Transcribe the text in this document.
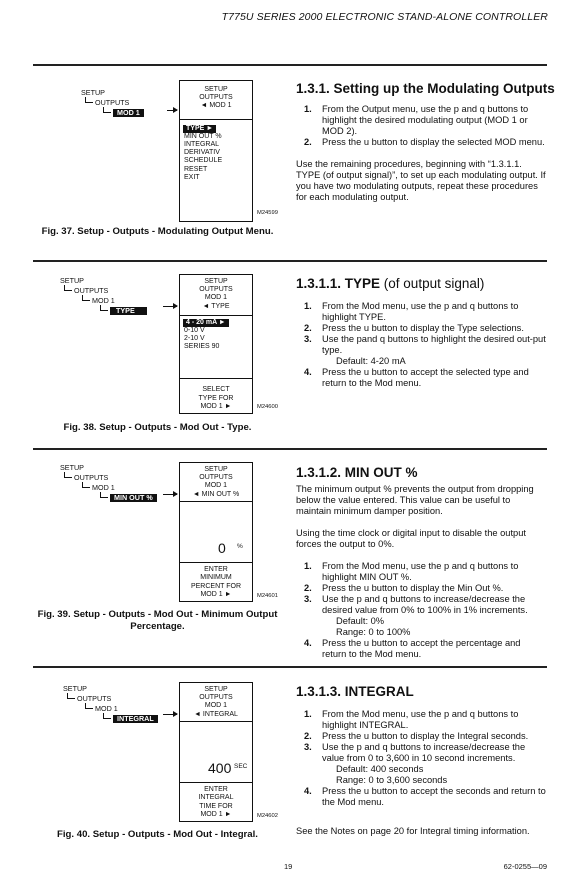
T775U SERIES 2000 ELECTRONIC STAND-ALONE CONTROLLER
SETUP
OUTPUTS
MOD 1
SETUP
OUTPUTS
◄ MOD 1
TYPE ►
MIN OUT %
INTEGRAL
DERIVATIV
SCHEDULE
RESET
EXIT
M24599
Fig. 37. Setup - Outputs - Modulating Output Menu.
1.3.1. Setting up the Modulating Outputs
1. From the Output menu, use the p and q buttons to highlight the desired modulating output (MOD 1 or MOD 2).
2. Press the u button to display the selected MOD menu.
Use the remaining procedures, beginning with “1.3.1.1. TYPE (of output signal)”, to set up each modulating output. If you have two modulating outputs, repeat these procedures for each modulating output.
SETUP
OUTPUTS
MOD 1
TYPE
SETUP
OUTPUTS
MOD 1
◄ TYPE
4 - 20 mA ►
0-10 V
2-10 V
SERIES 90
SELECT
TYPE FOR
MOD 1 ►	M24600
Fig. 38. Setup - Outputs - Mod Out - Type.
1.3.1.1. TYPE (of output signal)
1. From the Mod menu, use the p and q buttons to highlight TYPE.
2. Press the u button to display the Type selections.
3. Use the pand q buttons to highlight the desired out-put type.
Default: 4-20 mA
4. Press the u button to accept the selected type and return to the Mod menu.
SETUP
OUTPUTS
MOD 1
MIN OUT %
SETUP
OUTPUTS
MOD 1
◄ MIN OUT %
ENTER
MINIMUM
PERCENT FOR
MOD 1 ►
0 %
M24601
Fig. 39. Setup - Outputs - Mod Out - Minimum Output
Percentage.
1.3.1.2. MIN OUT %
The minimum output % prevents the output from dropping below the value entered. This value can be useful to maintain minimum damper position.
Using the time clock or digital input to disable the output forces the output to 0%.
1. From the Mod menu, use the p and q buttons to highlight MIN OUT %.
2. Press the u button to display the Min Out %.
3. Use the p and q buttons to increase/decrease the desired value from 0% to 100% in 1% increments.
Default: 0%
Range: 0 to 100%
4. Press the u button to accept the percentage and return to the Mod menu.
SETUP
OUTPUTS
MOD 1
INTEGRAL
SETUP
OUTPUTS
MOD 1
◄ INTEGRAL
ENTER
INTEGRAL
TIME FOR
MOD 1 ►
400 SEC
M24602
Fig. 40. Setup - Outputs - Mod Out - Integral.
1.3.1.3. INTEGRAL
1. From the Mod menu, use the p and q buttons to highlight INTEGRAL.
2. Press the u button to display the Integral seconds.
3. Use the p and q buttons to increase/decrease the value from 0 to 3,600 in 10 second increments.
Default: 400 seconds
Range: 0 to 3,600 seconds
4. Press the u button to accept the seconds and return to the Mod menu.
See the Notes on page 20 for Integral timing information.
19	62-0255—09
